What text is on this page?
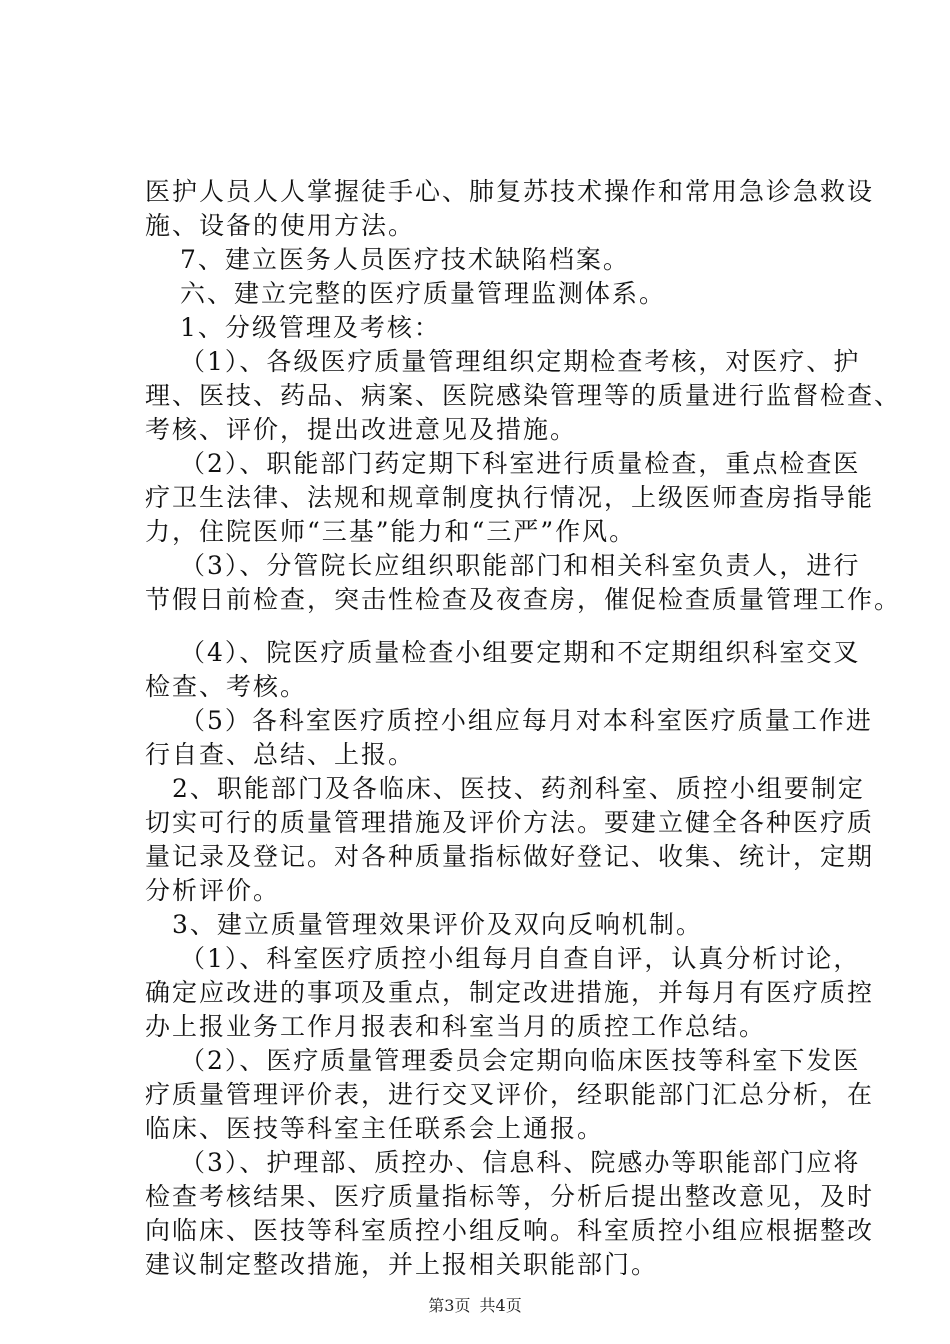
医护人员人人掌握徒手心、肺复苏技术操作和常用急诊急救设
施、设备的使用方法。
7、建立医务人员医疗技术缺陷档案。
六、建立完整的医疗质量管理监测体系。
1、分级管理及考核：
（1）、各级医疗质量管理组织定期检查考核，对医疗、护
理、医技、药品、病案、医院感染管理等的质量进行监督检查、
考核、评价，提出改进意见及措施。
（2）、职能部门药定期下科室进行质量检查，重点检查医
疗卫生法律、法规和规章制度执行情况，上级医师查房指导能
力，住院医师“三基”能力和“三严”作风。
（3）、分管院长应组织职能部门和相关科室负责人，进行
节假日前检查，突击性检查及夜查房，催促检查质量管理工作。
（4）、院医疗质量检查小组要定期和不定期组织科室交叉
检查、考核。
（5）各科室医疗质控小组应每月对本科室医疗质量工作进
行自查、总结、上报。
2、职能部门及各临床、医技、药剂科室、质控小组要制定
切实可行的质量管理措施及评价方法。要建立健全各种医疗质
量记录及登记。对各种质量指标做好登记、收集、统计，定期
分析评价。
3、建立质量管理效果评价及双向反响机制。
（1）、科室医疗质控小组每月自查自评，认真分析讨论，
确定应改进的事项及重点，制定改进措施，并每月有医疗质控
办上报业务工作月报表和科室当月的质控工作总结。
（2）、医疗质量管理委员会定期向临床医技等科室下发医
疗质量管理评价表，进行交叉评价，经职能部门汇总分析，在
临床、医技等科室主任联系会上通报。
（3）、护理部、质控办、信息科、院感办等职能部门应将
检查考核结果、医疗质量指标等，分析后提出整改意见，及时
向临床、医技等科室质控小组反响。科室质控小组应根据整改
建议制定整改措施，并上报相关职能部门。
第3页 共4页
